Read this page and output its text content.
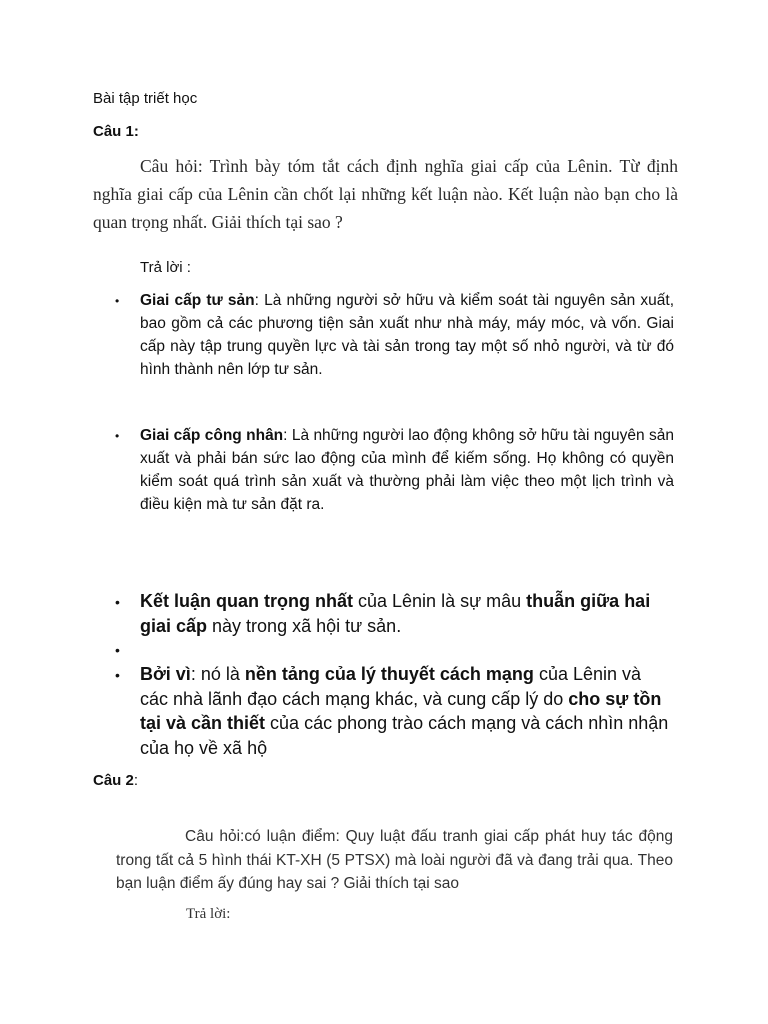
Bài tập triết học
Câu 1:
Câu hỏi: Trình bày tóm tắt cách định nghĩa giai cấp của Lênin. Từ định nghĩa giai cấp của Lênin cần chốt lại những kết luận nào. Kết luận nào bạn cho là quan trọng nhất. Giải thích tại sao ?
Trả lời :
• Giai cấp tư sản: Là những người sở hữu và kiểm soát tài nguyên sản xuất, bao gồm cả các phương tiện sản xuất như nhà máy, máy móc, và vốn. Giai cấp này tập trung quyền lực và tài sản trong tay một số nhỏ người, và từ đó hình thành nên lớp tư sản.
• Giai cấp công nhân: Là những người lao động không sở hữu tài nguyên sản xuất và phải bán sức lao động của mình để kiếm sống. Họ không có quyền kiểm soát quá trình sản xuất và thường phải làm việc theo một lịch trình và điều kiện mà tư sản đặt ra.
• Kết luận quan trọng nhất của Lênin là sự mâu thuẫn giữa hai giai cấp này trong xã hội tư sản.
•
• Bởi vì: nó là nền tảng của lý thuyết cách mạng của Lênin và các nhà lãnh đạo cách mạng khác, và cung cấp lý do cho sự tồn tại và cần thiết của các phong trào cách mạng và cách nhìn nhận của họ về xã hộ
Câu 2:
Câu hỏi:có luận điểm: Quy luật đấu tranh giai cấp phát huy tác động trong tất cả 5 hình thái KT-XH (5 PTSX) mà loài người đã và đang trải qua. Theo bạn luận điểm ấy đúng hay sai ? Giải thích tại sao
Trả lời:
